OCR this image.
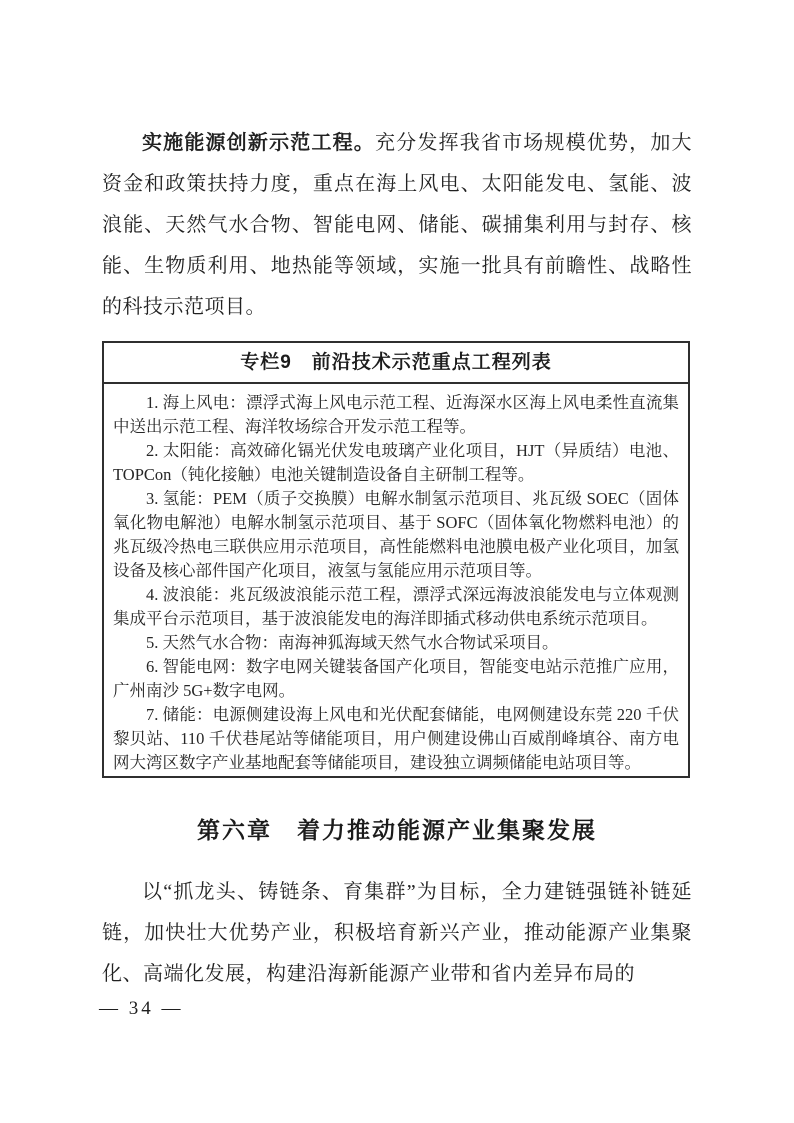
实施能源创新示范工程。充分发挥我省市场规模优势，加大资金和政策扶持力度，重点在海上风电、太阳能发电、氢能、波浪能、天然气水合物、智能电网、储能、碳捕集利用与封存、核能、生物质利用、地热能等领域，实施一批具有前瞻性、战略性的科技示范项目。

专栏9　前沿技术示范重点工程列表

1. 海上风电：漂浮式海上风电示范工程、近海深水区海上风电柔性直流集中送出示范工程、海洋牧场综合开发示范工程等。

2. 太阳能：高效碲化镉光伏发电玻璃产业化项目，HJT（异质结）电池、TOPCon（钝化接触）电池关键制造设备自主研制工程等。

3. 氢能：PEM（质子交换膜）电解水制氢示范项目、兆瓦级 SOEC（固体氧化物电解池）电解水制氢示范项目、基于 SOFC（固体氧化物燃料电池）的兆瓦级冷热电三联供应用示范项目，高性能燃料电池膜电极产业化项目，加氢设备及核心部件国产化项目，液氢与氢能应用示范项目等。

4. 波浪能：兆瓦级波浪能示范工程，漂浮式深远海波浪能发电与立体观测集成平台示范项目，基于波浪能发电的海洋即插式移动供电系统示范项目。

5. 天然气水合物：南海神狐海域天然气水合物试采项目。

6. 智能电网：数字电网关键装备国产化项目，智能变电站示范推广应用，广州南沙 5G+数字电网。

7. 储能：电源侧建设海上风电和光伏配套储能，电网侧建设东莞 220 千伏黎贝站、110 千伏巷尾站等储能项目，用户侧建设佛山百威削峰填谷、南方电网大湾区数字产业基地配套等储能项目，建设独立调频储能电站项目等。

第六章　着力推动能源产业集聚发展

以“抓龙头、铸链条、育集群”为目标，全力建链强链补链延链，加快壮大优势产业，积极培育新兴产业，推动能源产业集聚化、高端化发展，构建沿海新能源产业带和省内差异布局的

— 34 —
